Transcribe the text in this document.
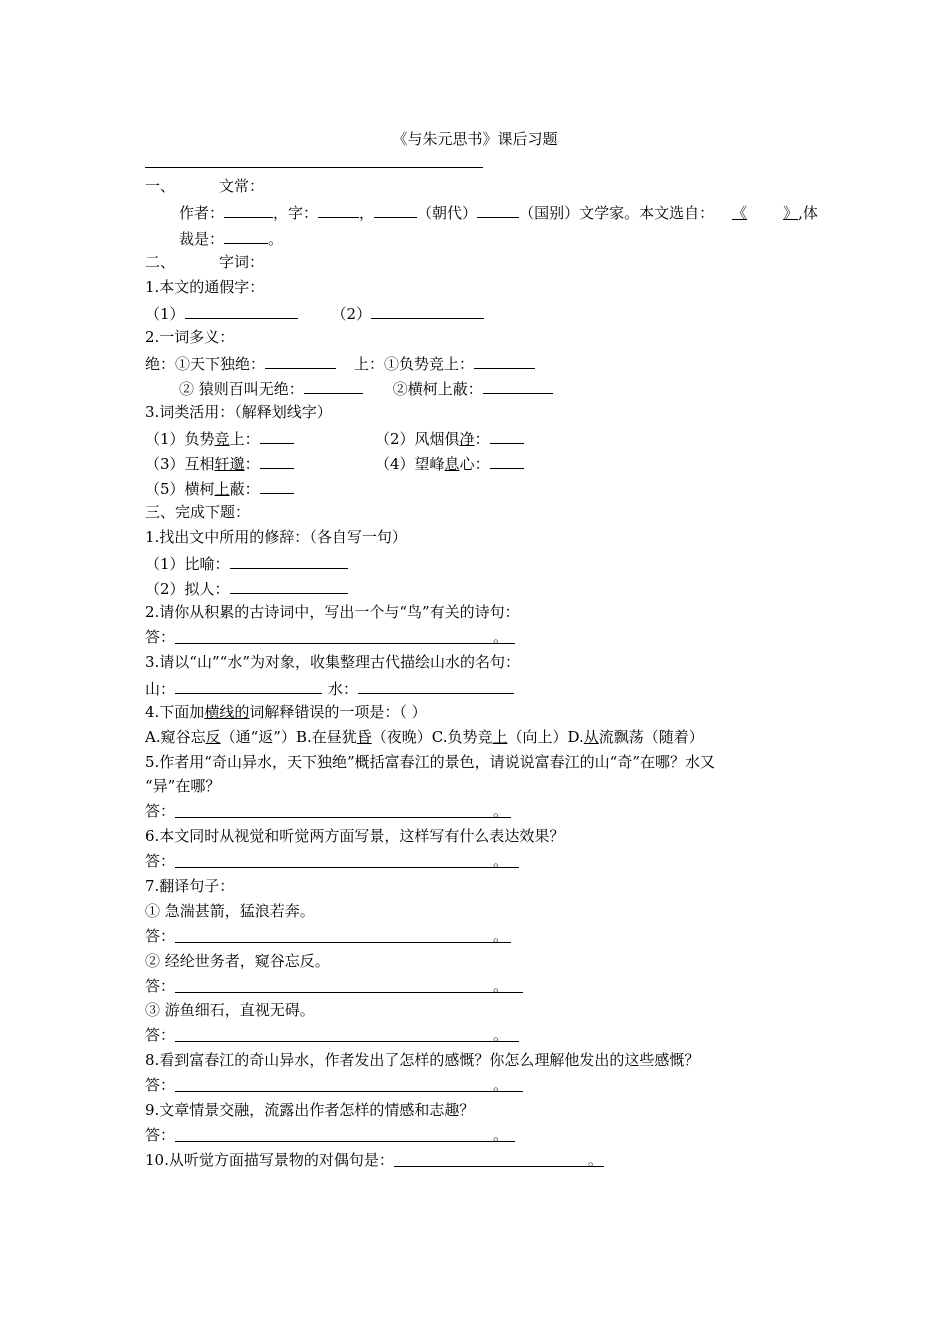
《与朱元思书》课后习题
一、	文常：
作者：	，字：	，	（朝代）	（国别）文学家。本文选自： 《 》,体
裁是：	。
二、	字词：
1.本文的通假字：
（1）	（2）
2.一词多义：
绝：①天下独绝：	上：①负势竞上：
② 猿则百叫无绝：	②横柯上蔽：
3.词类活用：（解释划线字）
（1）负势竞上：	（2）风烟俱净：
（3）互相轩邈：	（4）望峰息心：
（5）横柯上蔽：
三、完成下题：
1.找出文中所用的修辞：（各自写一句）
（1）比喻：
（2）拟人：
2.请你从积累的古诗词中，写出一个与“鸟”有关的诗句：
答：	。
3.请以“山”“水”为对象，收集整理古代描绘山水的名句：
山：	水：
4.下面加横线的词解释错误的一项是：（ ）
A.窥谷忘反（通“返”）B.在昼犹昏（夜晚）C.负势竞上（向上）D.从流飘荡（随着）
5.作者用“奇山异水，天下独绝”概括富春江的景色，请说说富春江的山“奇”在哪？水又
“异”在哪？
答：	。
6.本文同时从视觉和听觉两方面写景，这样写有什么表达效果？
答：	。
7.翻译句子：
① 急湍甚箭，猛浪若奔。
答：	。
② 经纶世务者，窥谷忘反。
答：	。
③ 游鱼细石，直视无碍。
答：	。
8.看到富春江的奇山异水，作者发出了怎样的感慨？你怎么理解他发出的这些感慨？
答：	。
9.文章情景交融，流露出作者怎样的情感和志趣？
答：	。
10.从听觉方面描写景物的对偶句是：	。
